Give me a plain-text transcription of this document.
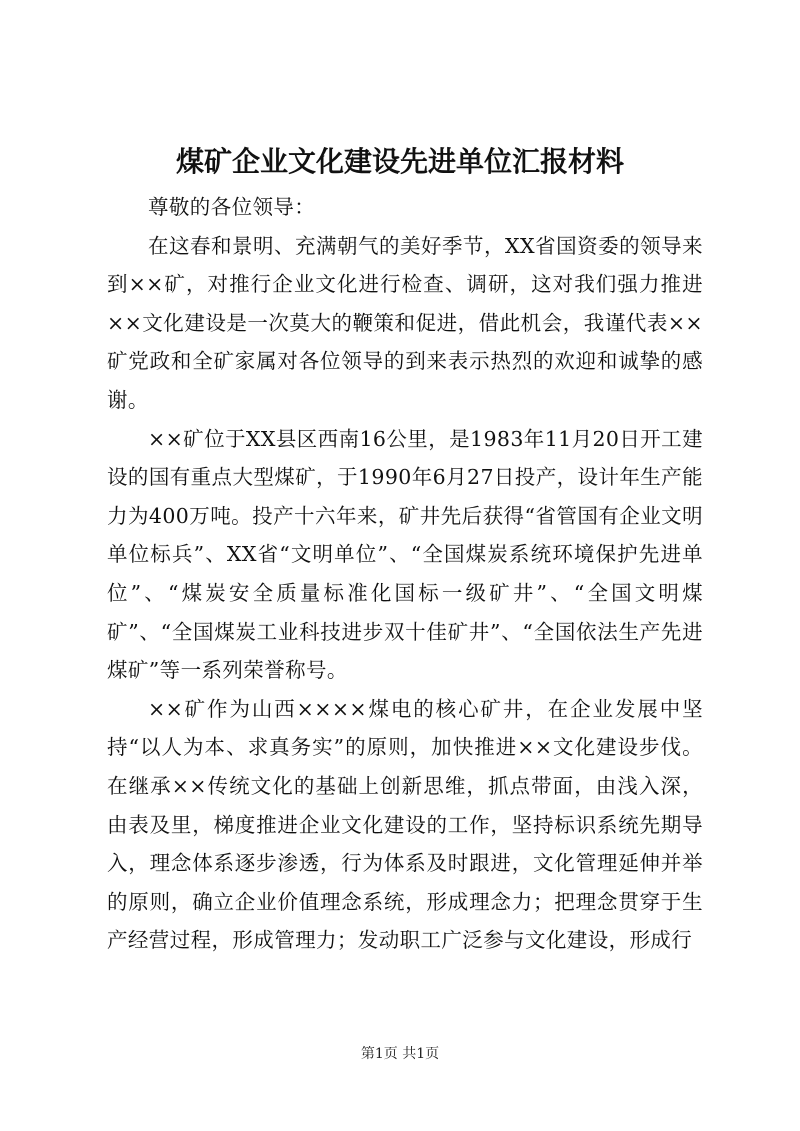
煤矿企业文化建设先进单位汇报材料

尊敬的各位领导：

在这春和景明、充满朝气的美好季节，XX省国资委的领导来到××矿，对推行企业文化进行检查、调研，这对我们强力推进××文化建设是一次莫大的鞭策和促进，借此机会，我谨代表××矿党政和全矿家属对各位领导的到来表示热烈的欢迎和诚挚的感谢。

××矿位于XX县区西南16公里，是1983年11月20日开工建设的国有重点大型煤矿，于1990年6月27日投产，设计年生产能力为400万吨。投产十六年来，矿井先后获得“省管国有企业文明单位标兵”、XX省“文明单位”、“全国煤炭系统环境保护先进单位”、“煤炭安全质量标准化国标一级矿井”、“全国文明煤矿”、“全国煤炭工业科技进步双十佳矿井”、“全国依法生产先进煤矿”等一系列荣誉称号。

××矿作为山西××××煤电的核心矿井，在企业发展中坚持“以人为本、求真务实”的原则，加快推进××文化建设步伐。在继承××传统文化的基础上创新思维，抓点带面，由浅入深，由表及里，梯度推进企业文化建设的工作，坚持标识系统先期导入，理念体系逐步渗透，行为体系及时跟进，文化管理延伸并举的原则，确立企业价值理念系统，形成理念力；把理念贯穿于生产经营过程，形成管理力；发动职工广泛参与文化建设，形成行

第1页 共1页
